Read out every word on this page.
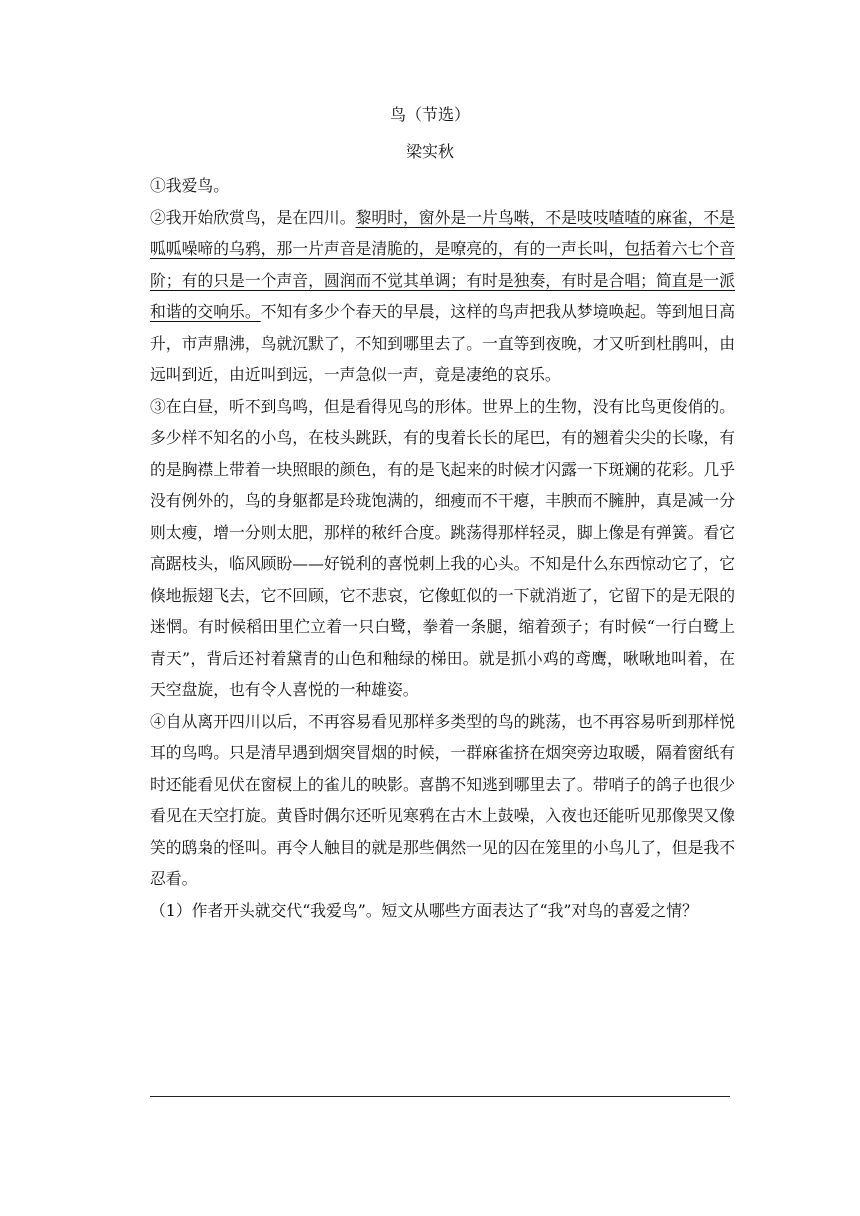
鸟（节选）
梁实秋

①我爱鸟。

②我开始欣赏鸟，是在四川。黎明时，窗外是一片鸟啭，不是吱吱喳喳的麻雀，不是呱呱噪啼的乌鸦，那一片声音是清脆的，是嘹亮的，有的一声长叫，包括着六七个音阶；有的只是一个声音，圆润而不觉其单调；有时是独奏，有时是合唱；简直是一派和谐的交响乐。不知有多少个春天的早晨，这样的鸟声把我从梦境唤起。等到旭日高升，市声鼎沸，鸟就沉默了，不知到哪里去了。一直等到夜晚，才又听到杜鹃叫，由远叫到近，由近叫到远，一声急似一声，竟是凄绝的哀乐。

③在白昼，听不到鸟鸣，但是看得见鸟的形体。世界上的生物，没有比鸟更俊俏的。多少样不知名的小鸟，在枝头跳跃，有的曳着长长的尾巴，有的翘着尖尖的长喙，有的是胸襟上带着一块照眼的颜色，有的是飞起来的时候才闪露一下斑斓的花彩。几乎没有例外的，鸟的身躯都是玲珑饱满的，细瘦而不干瘪，丰腴而不臃肿，真是减一分则太瘦，增一分则太肥，那样的秾纤合度。跳荡得那样轻灵，脚上像是有弹簧。看它高踞枝头，临风顾盼——好锐利的喜悦刺上我的心头。不知是什么东西惊动它了，它倏地振翅飞去，它不回顾，它不悲哀，它像虹似的一下就消逝了，它留下的是无限的迷惘。有时候稻田里伫立着一只白鹭，拳着一条腿，缩着颈子；有时候“一行白鹭上青天”，背后还衬着黛青的山色和釉绿的梯田。就是抓小鸡的鸢鹰，啾啾地叫着，在天空盘旋，也有令人喜悦的一种雄姿。

④自从离开四川以后，不再容易看见那样多类型的鸟的跳荡，也不再容易听到那样悦耳的鸟鸣。只是清早遇到烟突冒烟的时候，一群麻雀挤在烟突旁边取暖，隔着窗纸有时还能看见伏在窗棂上的雀儿的映影。喜鹊不知逃到哪里去了。带哨子的鸽子也很少看见在天空打旋。黄昏时偶尔还听见寒鸦在古木上鼓噪，入夜也还能听见那像哭又像笑的鸱枭的怪叫。再令人触目的就是那些偶然一见的囚在笼里的小鸟儿了，但是我不忍看。

（1）作者开头就交代“我爱鸟”。短文从哪些方面表达了“我”对鸟的喜爱之情？
